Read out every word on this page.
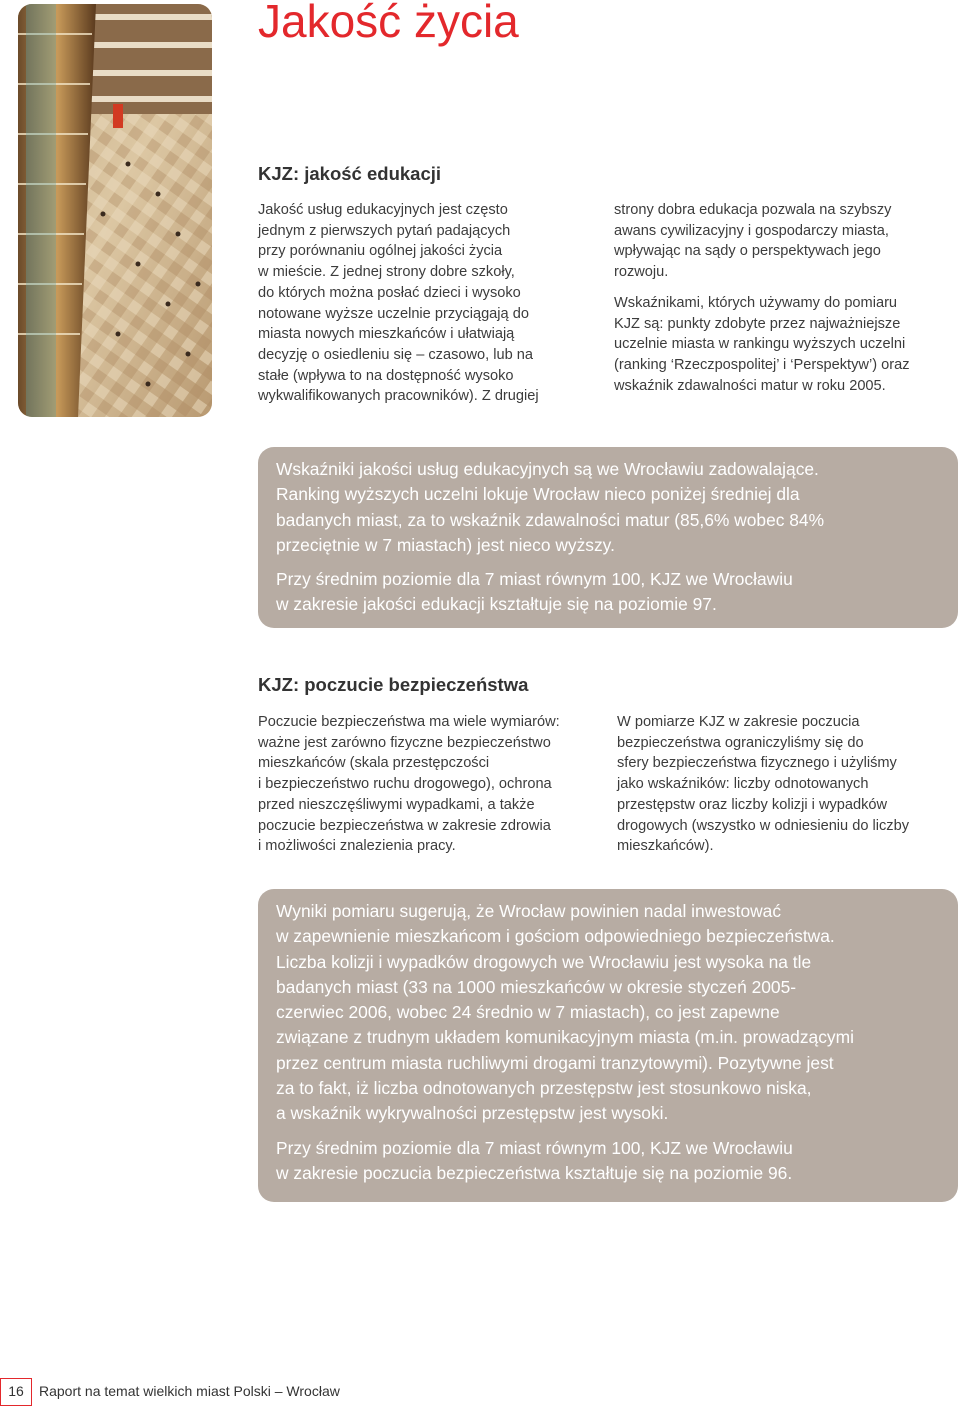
Jakość życia
KJZ: jakość edukacji

Jakość usług edukacyjnych jest często
jednym z pierwszych pytań padających
przy porównaniu ogólnej jakości życia
w mieście. Z jednej strony dobre szkoły,
do których można posłać dzieci i wysoko
notowane wyższe uczelnie przyciągają do
miasta nowych mieszkańców i ułatwiają
decyzję o osiedleniu się – czasowo, lub na
stałe (wpływa to na dostępność wysoko
wykwalifikowanych pracowników). Z drugiej

strony dobra edukacja pozwala na szybszy
awans cywilizacyjny i gospodarczy miasta,
wpływając na sądy o perspektywach jego
rozwoju.

Wskaźnikami, których używamy do pomiaru
KJZ są: punkty zdobyte przez najważniejsze
uczelnie miasta w rankingu wyższych uczelni
(ranking ‘Rzeczpospolitej’ i ‘Perspektyw’) oraz
wskaźnik zdawalności matur w roku 2005.

Wskaźniki jakości usług edukacyjnych są we Wrocławiu zadowalające.
Ranking wyższych uczelni lokuje Wrocław nieco poniżej średniej dla
badanych miast, za to wskaźnik zdawalności matur (85,6% wobec 84%
przeciętnie w 7 miastach) jest nieco wyższy.

Przy średnim poziomie dla 7 miast równym 100, KJZ we Wrocławiu
w zakresie jakości edukacji kształtuje się na poziomie 97.

KJZ: poczucie bezpieczeństwa

Poczucie bezpieczeństwa ma wiele wymiarów:
ważne jest zarówno fizyczne bezpieczeństwo
mieszkańców (skala przestępczości
i bezpieczeństwo ruchu drogowego), ochrona
przed nieszczęśliwymi wypadkami, a także
poczucie bezpieczeństwa w zakresie zdrowia
i możliwości znalezienia pracy.

W pomiarze KJZ w zakresie poczucia
bezpieczeństwa ograniczyliśmy się do
sfery bezpieczeństwa fizycznego i użyliśmy
jako wskaźników: liczby odnotowanych
przestępstw oraz liczby kolizji i wypadków
drogowych (wszystko w odniesieniu do liczby
mieszkańców).

Wyniki pomiaru sugerują, że Wrocław powinien nadal inwestować
w zapewnienie mieszkańcom i gościom odpowiedniego bezpieczeństwa.
Liczba kolizji i wypadków drogowych we Wrocławiu jest wysoka na tle
badanych miast (33 na 1000 mieszkańców w okresie styczeń 2005-
czerwiec 2006, wobec 24 średnio w 7 miastach), co jest zapewne
związane z trudnym układem komunikacyjnym miasta (m.in. prowadzącymi
przez centrum miasta ruchliwymi drogami tranzytowymi). Pozytywne jest
za to fakt, iż liczba odnotowanych przestępstw jest stosunkowo niska,
a wskaźnik wykrywalności przestępstw jest wysoki.

Przy średnim poziomie dla 7 miast równym 100, KJZ we Wrocławiu
w zakresie poczucia bezpieczeństwa kształtuje się na poziomie 96.

16	Raport na temat wielkich miast Polski – Wrocław
